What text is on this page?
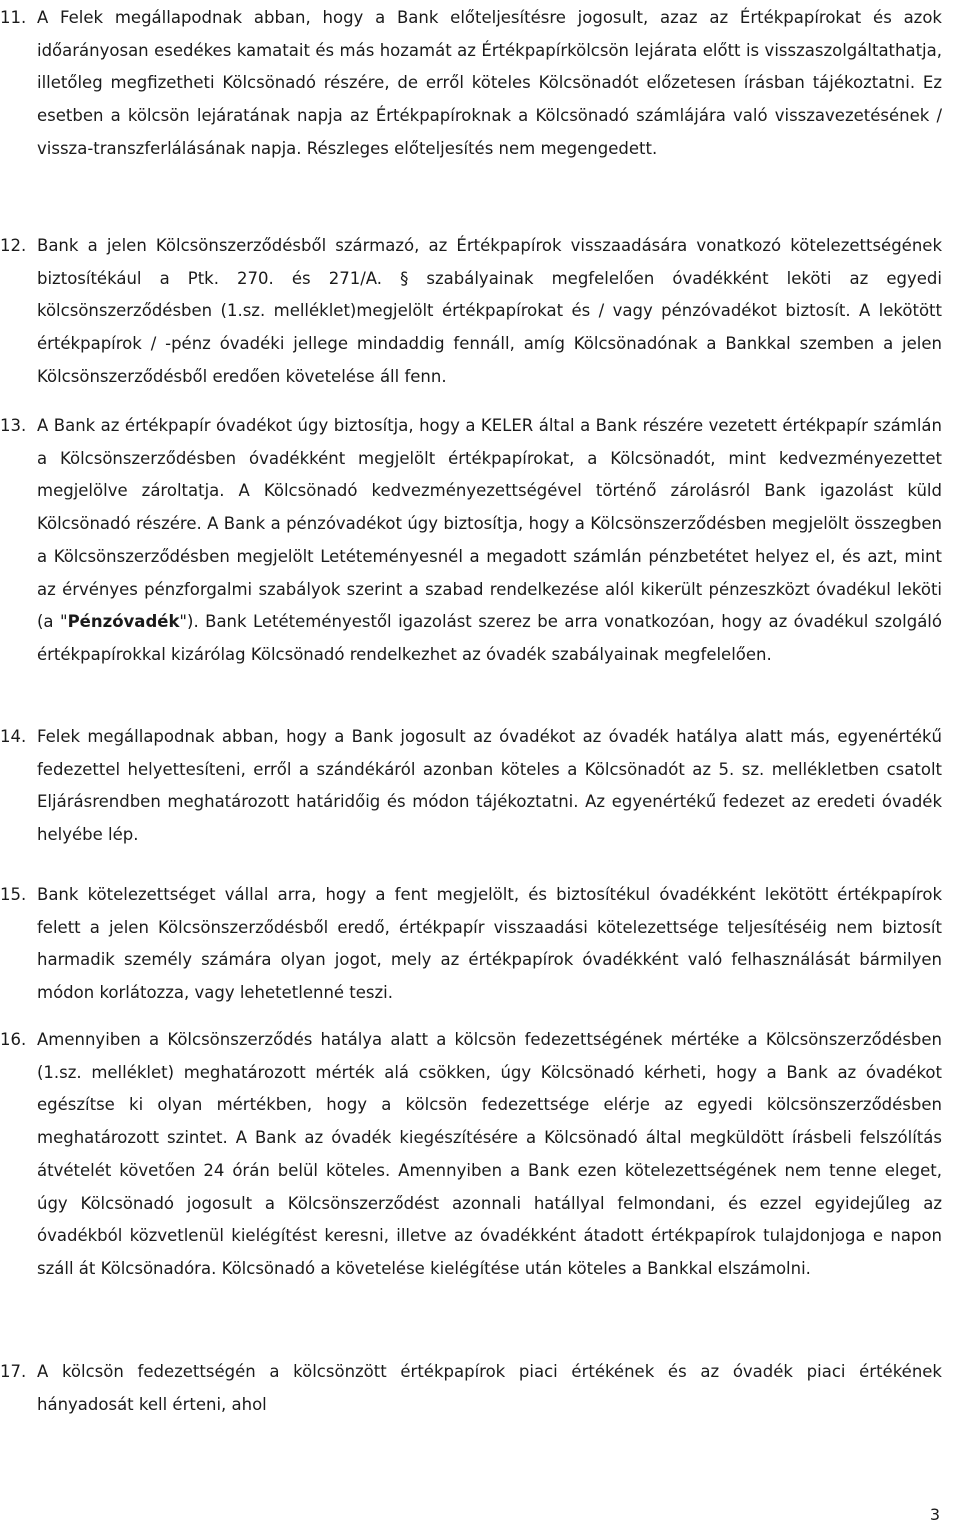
11. A Felek megállapodnak abban, hogy a Bank előteljesítésre jogosult, azaz az Értékpapírokat és azok időarányosan esedékes kamatait és más hozamát az Értékpapírkölcsön lejárata előtt is visszaszolgáltathatja, illetőleg megfizetheti Kölcsönadó részére, de erről köteles Kölcsönadót előzetesen írásban tájékoztatni. Ez esetben a kölcsön lejáratának napja az Értékpapíroknak a Kölcsönadó számlájára való visszavezetésének / vissza-transzferlálásának napja. Részleges előteljesítés nem megengedett.
12. Bank a jelen Kölcsönszerződésből származó, az Értékpapírok visszaadására vonatkozó kötelezettségének biztosítékául a Ptk. 270. és 271/A. § szabályainak megfelelően óvadékként leköti az egyedi kölcsönszerződésben (1.sz. melléklet)megjelölt értékpapírokat és / vagy pénzóvadékot biztosít. A lekötött értékpapírok / -pénz óvadéki jellege mindaddig fennáll, amíg Kölcsönadónak a Bankkal szemben a jelen Kölcsönszerződésből eredően követelése áll fenn.
13. A Bank az értékpapír óvadékot úgy biztosítja, hogy a KELER által a Bank részére vezetett értékpapír számlán a Kölcsönszerződésben óvadékként megjelölt értékpapírokat, a Kölcsönadót, mint kedvezményezettet megjelölve zároltatja. A Kölcsönadó kedvezményezettségével történő zárolásról Bank igazolást küld Kölcsönadó részére. A Bank a pénzóvadékot úgy biztosítja, hogy a Kölcsönszerződésben megjelölt összegben a Kölcsönszerződésben megjelölt Letéteményesnél a megadott számlán pénzbetétet helyez el, és azt, mint az érvényes pénzforgalmi szabályok szerint a szabad rendelkezése alól kikerült pénzeszközt óvadékul leköti (a "Pénzóvadék"). Bank Letéteményestől igazolást szerez be arra vonatkozóan, hogy az óvadékul szolgáló értékpapírokkal kizárólag Kölcsönadó rendelkezhet az óvadék szabályainak megfelelően.
14. Felek megállapodnak abban, hogy a Bank jogosult az óvadékot az óvadék hatálya alatt más, egyenértékű fedezettel helyettesíteni, erről a szándékáról azonban köteles a Kölcsönadót az 5. sz. mellékletben csatolt Eljárásrendben meghatározott határidőig és módon tájékoztatni. Az egyenértékű fedezet az eredeti óvadék helyébe lép.
15. Bank kötelezettséget vállal arra, hogy a fent megjelölt, és biztosítékul óvadékként lekötött értékpapírok felett a jelen Kölcsönszerződésből eredő, értékpapír visszaadási kötelezettsége teljesítéséig nem biztosít harmadik személy számára olyan jogot, mely az értékpapírok óvadékként való felhasználását bármilyen módon korlátozza, vagy lehetetlenné teszi.
16. Amennyiben a Kölcsönszerződés hatálya alatt a kölcsön fedezettségének mértéke a Kölcsönszerződésben (1.sz. melléklet) meghatározott mérték alá csökken, úgy Kölcsönadó kérheti, hogy a Bank az óvadékot egészítse ki olyan mértékben, hogy a kölcsön fedezettsége elérje az egyedi kölcsönszerződésben meghatározott szintet. A Bank az óvadék kiegészítésére a Kölcsönadó által megküldött írásbeli felszólítás átvételét követően 24 órán belül köteles. Amennyiben a Bank ezen kötelezettségének nem tenne eleget, úgy Kölcsönadó jogosult a Kölcsönszerződést azonnali hatállyal felmondani, és ezzel egyidejűleg az óvadékból közvetlenül kielégítést keresni, illetve az óvadékként átadott értékpapírok tulajdonjoga e napon száll át Kölcsönadóra. Kölcsönadó a követelése kielégítése után köteles a Bankkal elszámolni.
17. A kölcsön fedezettségén a kölcsönzött értékpapírok piaci értékének és az óvadék piaci értékének hányadosát kell érteni, ahol
3
